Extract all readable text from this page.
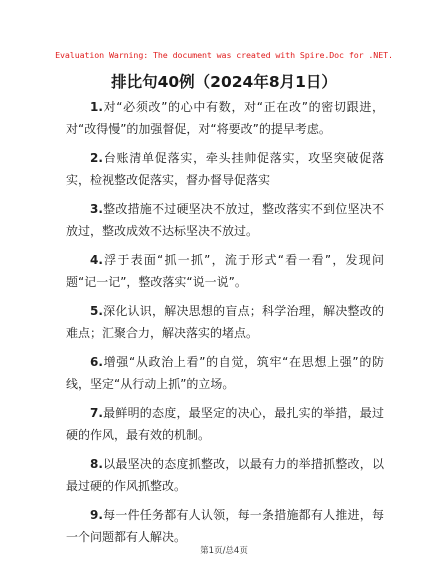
Evaluation Warning: The document was created with Spire.Doc for .NET.
排比句40例（2024年8月1日）

1.对“必须改”的心中有数，对“正在改”的密切跟进，对“改得慢”的加强督促，对“将要改”的提早考虑。

2.台账清单促落实，牵头挂帅促落实，攻坚突破促落实，检视整改促落实，督办督导促落实

3.整改措施不过硬坚决不放过，整改落实不到位坚决不放过，整改成效不达标坚决不放过。

4.浮于表面“抓一抓”，流于形式“看一看”，发现问题“记一记”，整改落实“说一说”。

5.深化认识，解决思想的盲点；科学治理，解决整改的难点；汇聚合力，解决落实的堵点。

6.增强“从政治上看”的自觉，筑牢“在思想上强”的防线，坚定“从行动上抓”的立场。

7.最鲜明的态度，最坚定的决心，最扎实的举措，最过硬的作风，最有效的机制。

8.以最坚决的态度抓整改，以最有力的举措抓整改，以最过硬的作风抓整改。

9.每一件任务都有人认领，每一条措施都有人推进，每一个问题都有人解决。

第1页/总4页
